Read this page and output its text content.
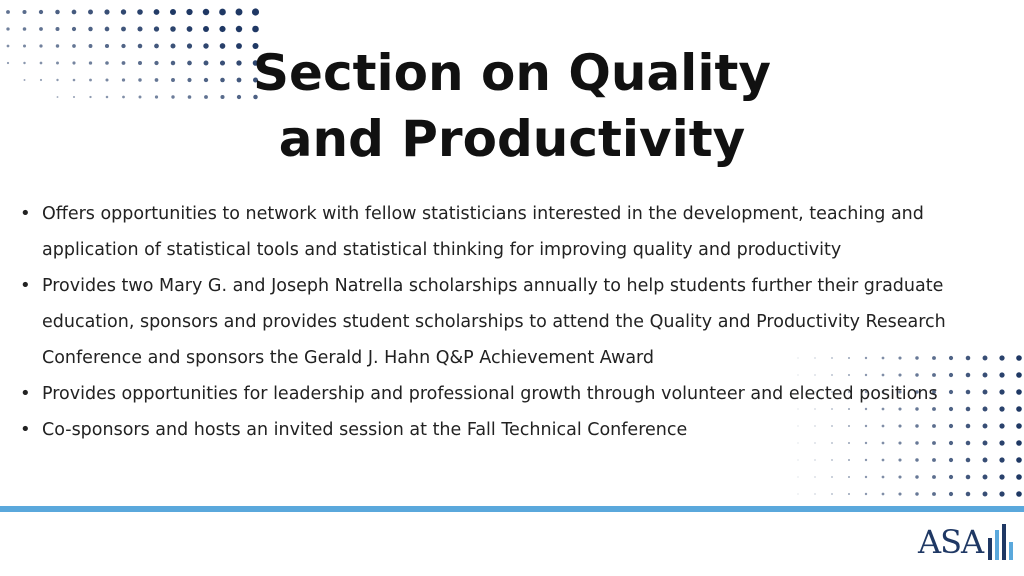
Section on Quality
and Productivity
• Offers opportunities to network with fellow statisticians interested in the development, teaching and application of statistical tools and statistical thinking for improving quality and productivity
• Provides two Mary G. and Joseph Natrella scholarships annually to help students further their graduate education, sponsors and provides student scholarships to attend the Quality and Productivity Research Conference and sponsors the Gerald J. Hahn Q&P Achievement Award
• Provides opportunities for leadership and professional growth through volunteer and elected positions
• Co-sponsors and hosts an invited session at the Fall Technical Conference
ASA
